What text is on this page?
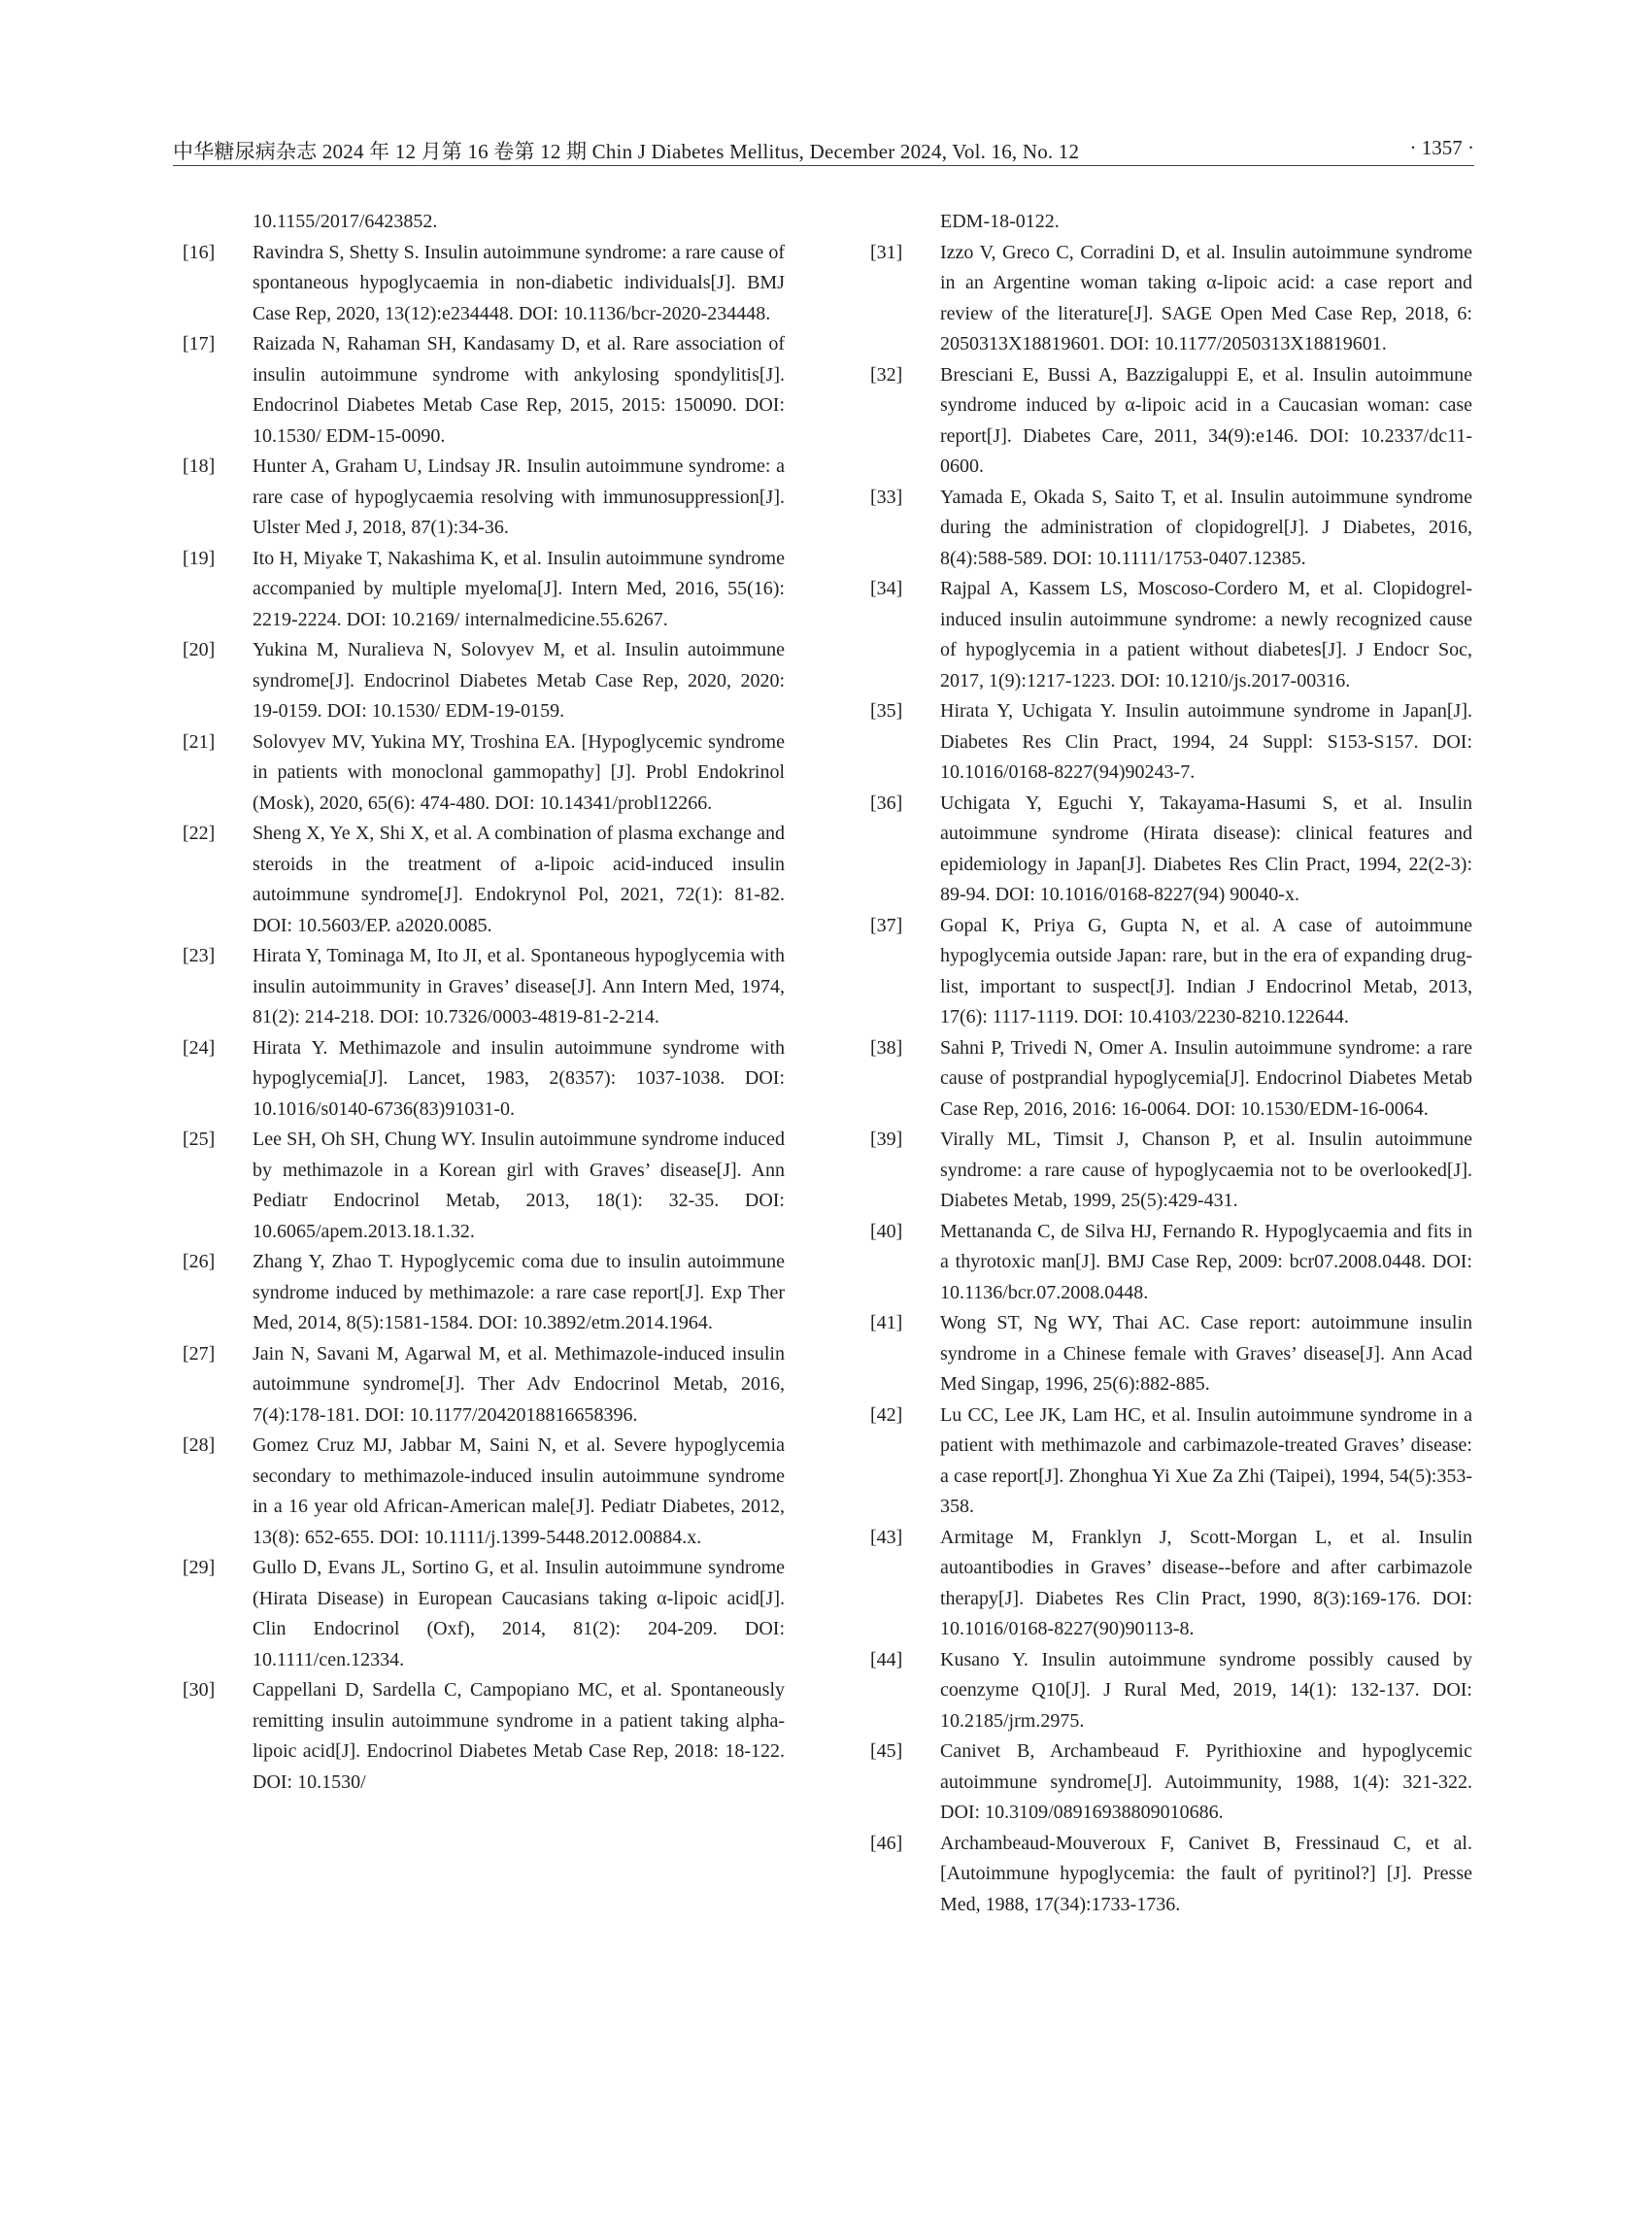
中华糖尿病杂志 2024 年 12 月第 16 卷第 12 期 Chin J Diabetes Mellitus, December 2024, Vol. 16, No. 12	· 1357 ·
10.1155/2017/6423852.
[16]	Ravindra S, Shetty S. Insulin autoimmune syndrome: a rare cause of spontaneous hypoglycaemia in non-diabetic individuals[J]. BMJ Case Rep, 2020, 13(12):e234448. DOI: 10.1136/bcr-2020-234448.
[17]	Raizada N, Rahaman SH, Kandasamy D, et al. Rare association of insulin autoimmune syndrome with ankylosing spondylitis[J]. Endocrinol Diabetes Metab Case Rep, 2015, 2015: 150090. DOI: 10.1530/ EDM-15-0090.
[18]	Hunter A, Graham U, Lindsay JR. Insulin autoimmune syndrome: a rare case of hypoglycaemia resolving with immunosuppression[J]. Ulster Med J, 2018, 87(1):34-36.
[19]	Ito H, Miyake T, Nakashima K, et al. Insulin autoimmune syndrome accompanied by multiple myeloma[J]. Intern Med, 2016, 55(16): 2219-2224. DOI: 10.2169/ internalmedicine.55.6267.
[20]	Yukina M, Nuralieva N, Solovyev M, et al. Insulin autoimmune syndrome[J]. Endocrinol Diabetes Metab Case Rep, 2020, 2020: 19-0159. DOI: 10.1530/ EDM-19-0159.
[21]	Solovyev MV, Yukina MY, Troshina EA. [Hypoglycemic syndrome in patients with monoclonal gammopathy] [J]. Probl Endokrinol (Mosk), 2020, 65(6): 474-480. DOI: 10.14341/probl12266.
[22]	Sheng X, Ye X, Shi X, et al. A combination of plasma exchange and steroids in the treatment of a-lipoic acid-induced insulin autoimmune syndrome[J]. Endokrynol Pol, 2021, 72(1): 81-82. DOI: 10.5603/EP. a2020.0085.
[23]	Hirata Y, Tominaga M, Ito JI, et al. Spontaneous hypoglycemia with insulin autoimmunity in Graves’ disease[J]. Ann Intern Med, 1974, 81(2): 214-218. DOI: 10.7326/0003-4819-81-2-214.
[24]	Hirata Y. Methimazole and insulin autoimmune syndrome with hypoglycemia[J]. Lancet, 1983, 2(8357): 1037-1038. DOI: 10.1016/s0140-6736(83)91031-0.
[25]	Lee SH, Oh SH, Chung WY. Insulin autoimmune syndrome induced by methimazole in a Korean girl with Graves’ disease[J]. Ann Pediatr Endocrinol Metab, 2013, 18(1): 32-35. DOI: 10.6065/apem.2013.18.1.32.
[26]	Zhang Y, Zhao T. Hypoglycemic coma due to insulin autoimmune syndrome induced by methimazole: a rare case report[J]. Exp Ther Med, 2014, 8(5):1581-1584. DOI: 10.3892/etm.2014.1964.
[27]	Jain N, Savani M, Agarwal M, et al. Methimazole-induced insulin autoimmune syndrome[J]. Ther Adv Endocrinol Metab, 2016, 7(4):178-181. DOI: 10.1177/2042018816658396.
[28]	Gomez Cruz MJ, Jabbar M, Saini N, et al. Severe hypoglycemia secondary to methimazole-induced insulin autoimmune syndrome in a 16 year old African-American male[J]. Pediatr Diabetes, 2012, 13(8): 652-655. DOI: 10.1111/j.1399-5448.2012.00884.x.
[29]	Gullo D, Evans JL, Sortino G, et al. Insulin autoimmune syndrome (Hirata Disease) in European Caucasians taking α-lipoic acid[J]. Clin Endocrinol (Oxf), 2014, 81(2): 204-209. DOI: 10.1111/cen.12334.
[30]	Cappellani D, Sardella C, Campopiano MC, et al. Spontaneously remitting insulin autoimmune syndrome in a patient taking alpha-lipoic acid[J]. Endocrinol Diabetes Metab Case Rep, 2018: 18-122. DOI: 10.1530/
EDM-18-0122.
[31]	Izzo V, Greco C, Corradini D, et al. Insulin autoimmune syndrome in an Argentine woman taking α-lipoic acid: a case report and review of the literature[J]. SAGE Open Med Case Rep, 2018, 6: 2050313X18819601. DOI: 10.1177/2050313X18819601.
[32]	Bresciani E, Bussi A, Bazzigaluppi E, et al. Insulin autoimmune syndrome induced by α-lipoic acid in a Caucasian woman: case report[J]. Diabetes Care, 2011, 34(9):e146. DOI: 10.2337/dc11-0600.
[33]	Yamada E, Okada S, Saito T, et al. Insulin autoimmune syndrome during the administration of clopidogrel[J]. J Diabetes, 2016, 8(4):588-589. DOI: 10.1111/1753-0407.12385.
[34]	Rajpal A, Kassem LS, Moscoso-Cordero M, et al. Clopidogrel-induced insulin autoimmune syndrome: a newly recognized cause of hypoglycemia in a patient without diabetes[J]. J Endocr Soc, 2017, 1(9):1217-1223. DOI: 10.1210/js.2017-00316.
[35]	Hirata Y, Uchigata Y. Insulin autoimmune syndrome in Japan[J]. Diabetes Res Clin Pract, 1994, 24 Suppl: S153-S157. DOI: 10.1016/0168-8227(94)90243-7.
[36]	Uchigata Y, Eguchi Y, Takayama-Hasumi S, et al. Insulin autoimmune syndrome (Hirata disease): clinical features and epidemiology in Japan[J]. Diabetes Res Clin Pract, 1994, 22(2-3): 89-94. DOI: 10.1016/0168-8227(94) 90040-x.
[37]	Gopal K, Priya G, Gupta N, et al. A case of autoimmune hypoglycemia outside Japan: rare, but in the era of expanding drug-list, important to suspect[J]. Indian J Endocrinol Metab, 2013, 17(6): 1117-1119. DOI: 10.4103/2230-8210.122644.
[38]	Sahni P, Trivedi N, Omer A. Insulin autoimmune syndrome: a rare cause of postprandial hypoglycemia[J]. Endocrinol Diabetes Metab Case Rep, 2016, 2016: 16-0064. DOI: 10.1530/EDM-16-0064.
[39]	Virally ML, Timsit J, Chanson P, et al. Insulin autoimmune syndrome: a rare cause of hypoglycaemia not to be overlooked[J]. Diabetes Metab, 1999, 25(5):429-431.
[40]	Mettananda C, de Silva HJ, Fernando R. Hypoglycaemia and fits in a thyrotoxic man[J]. BMJ Case Rep, 2009: bcr07.2008.0448. DOI: 10.1136/bcr.07.2008.0448.
[41]	Wong ST, Ng WY, Thai AC. Case report: autoimmune insulin syndrome in a Chinese female with Graves’ disease[J]. Ann Acad Med Singap, 1996, 25(6):882-885.
[42]	Lu CC, Lee JK, Lam HC, et al. Insulin autoimmune syndrome in a patient with methimazole and carbimazole-treated Graves’ disease: a case report[J]. Zhonghua Yi Xue Za Zhi (Taipei), 1994, 54(5):353-358.
[43]	Armitage M, Franklyn J, Scott-Morgan L, et al. Insulin autoantibodies in Graves’ disease--before and after carbimazole therapy[J]. Diabetes Res Clin Pract, 1990, 8(3):169-176. DOI: 10.1016/0168-8227(90)90113-8.
[44]	Kusano Y. Insulin autoimmune syndrome possibly caused by coenzyme Q10[J]. J Rural Med, 2019, 14(1): 132-137. DOI: 10.2185/jrm.2975.
[45]	Canivet B, Archambeaud F. Pyrithioxine and hypoglycemic autoimmune syndrome[J]. Autoimmunity, 1988, 1(4): 321-322. DOI: 10.3109/08916938809010686.
[46]	Archambeaud-Mouveroux F, Canivet B, Fressinaud C, et al. [Autoimmune hypoglycemia: the fault of pyritinol?] [J]. Presse Med, 1988, 17(34):1733-1736.
